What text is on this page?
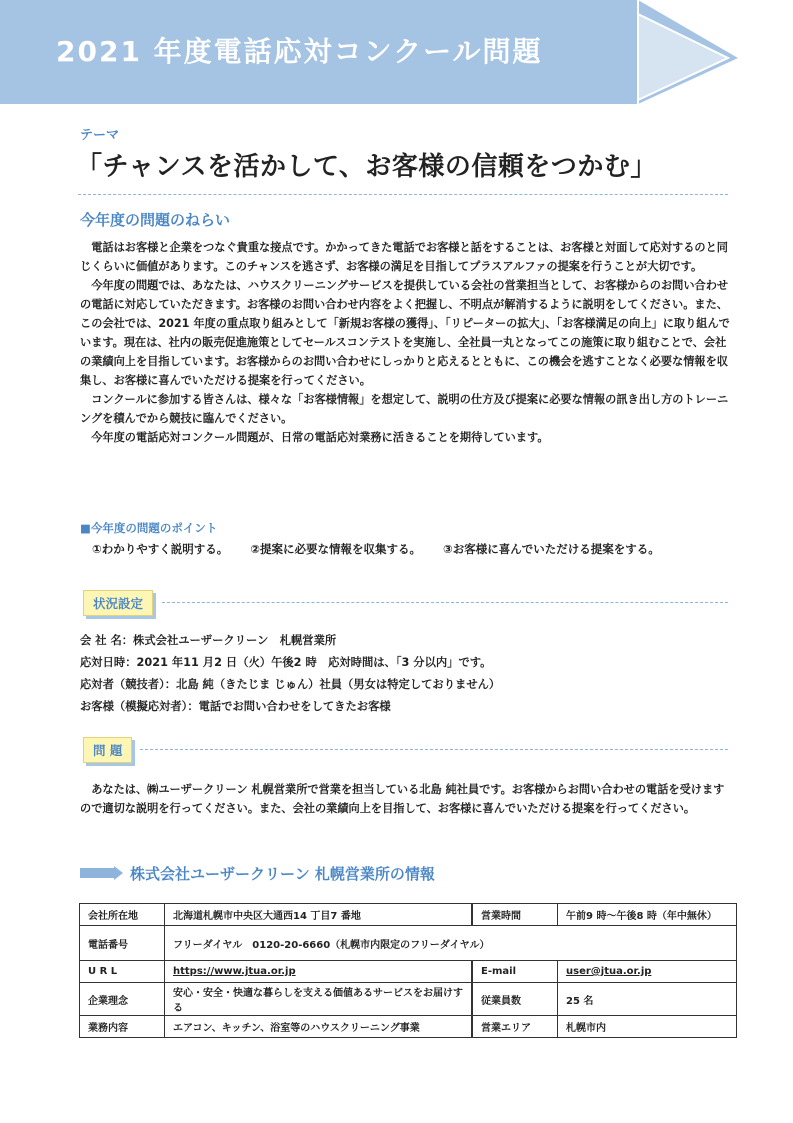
2021 年度電話応対コンクール問題
テーマ
「チャンスを活かして、お客様の信頼をつかむ」
今年度の問題のねらい

電話はお客様と企業をつなぐ貴重な接点です。かかってきた電話でお客様と話をすることは、お客様と対面して応対するのと同じくらいに価値があります。このチャンスを逃さず、お客様の満足を目指してプラスアルファの提案を行うことが大切です。

今年度の問題では、あなたは、ハウスクリーニングサービスを提供している会社の営業担当として、お客様からのお問い合わせの電話に対応していただきます。お客様のお問い合わせ内容をよく把握し、不明点が解消するように説明をしてください。また、この会社では、2021 年度の重点取り組みとして「新規お客様の獲得」、「リピーターの拡大」、「お客様満足の向上」に取り組んでいます。現在は、社内の販売促進施策としてセールスコンテストを実施し、全社員一丸となってこの施策に取り組むことで、会社の業績向上を目指しています。お客様からのお問い合わせにしっかりと応えるとともに、この機会を逃すことなく必要な情報を収集し、お客様に喜んでいただける提案を行ってください。

コンクールに参加する皆さんは、様々な「お客様情報」を想定して、説明の仕方及び提案に必要な情報の訊き出し方のトレーニングを積んでから競技に臨んでください。

今年度の電話応対コンクール問題が、日常の電話応対業務に活きることを期待しています。

■今年度の問題のポイント
①わかりやすく説明する。 ②提案に必要な情報を収集する。 ③お客様に喜んでいただける提案をする。
状況設定
会 社 名：株式会社ユーザークリーン　札幌営業所
応対日時：2021 年11 月2 日（火）午後2 時　応対時間は、「3 分以内」です。
応対者（競技者）：北島 純（きたじま じゅん）社員（男女は特定しておりません）
お客様（模擬応対者）：電話でお問い合わせをしてきたお客様
問 題

あなたは、㈱ユーザークリーン 札幌営業所で営業を担当している北島 純社員です。お客様からお問い合わせの電話を受けますので適切な説明を行ってください。また、会社の業績向上を目指して、お客様に喜んでいただける提案を行ってください。

株式会社ユーザークリーン 札幌営業所の情報
会社所在地	北海道札幌市中央区大通西14 丁目7 番地	営業時間	午前9 時～午後8 時（年中無休）
電話番号	フリーダイヤル　0120-20-6660（札幌市内限定のフリーダイヤル）		
U R L	https://www.jtua.or.jp	E-mail	user@jtua.or.jp
企業理念	安心・安全・快適な暮らしを支える価値あるサービスをお届けする	従業員数	25 名
業務内容	エアコン、キッチン、浴室等のハウスクリーニング事業	営業エリア	札幌市内
